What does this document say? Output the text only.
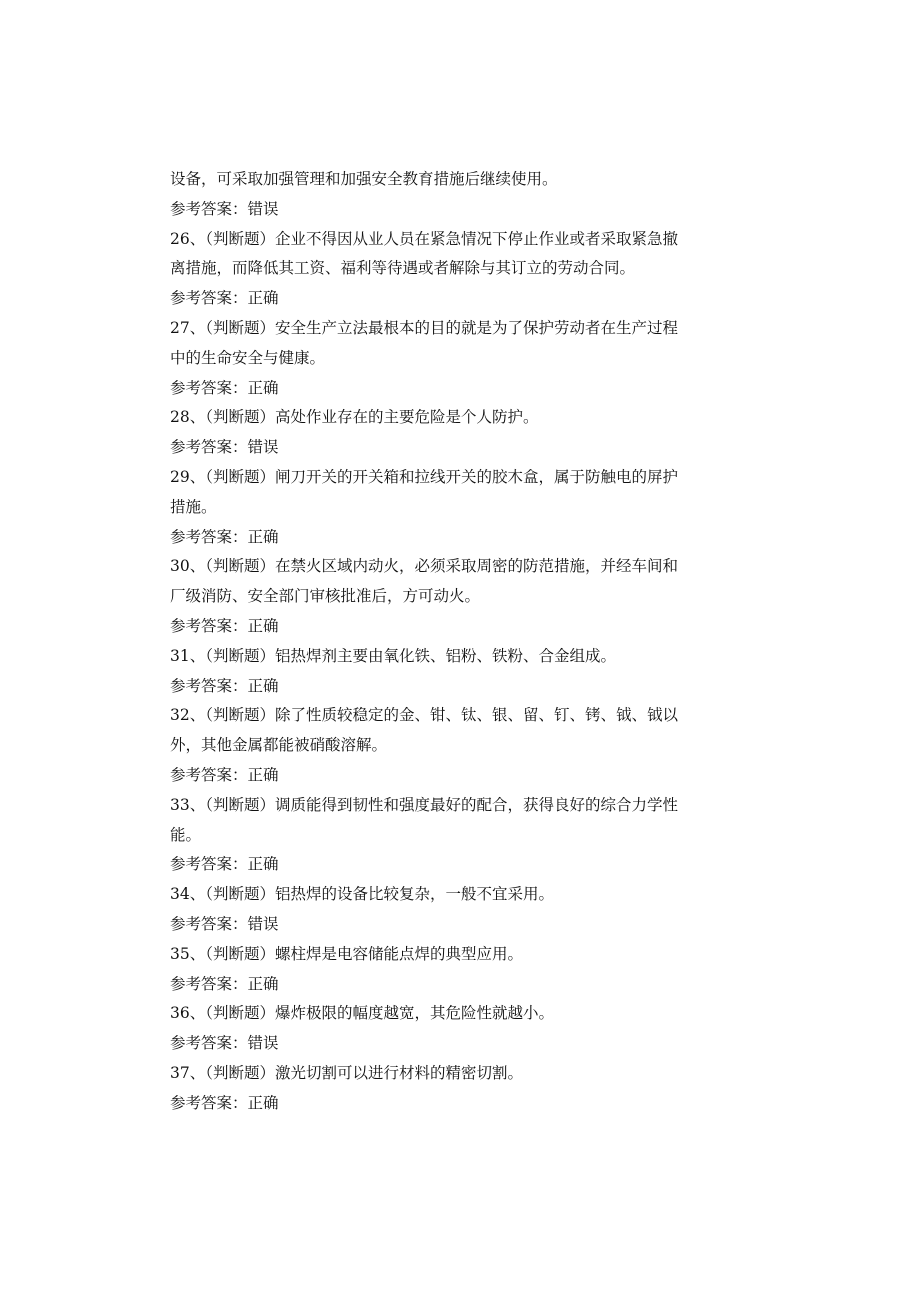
设备，可采取加强管理和加强安全教育措施后继续使用。
参考答案：错误
26、（判断题）企业不得因从业人员在紧急情况下停止作业或者采取紧急撤
离措施，而降低其工资、福利等待遇或者解除与其订立的劳动合同。
参考答案：正确
27、（判断题）安全生产立法最根本的目的就是为了保护劳动者在生产过程
中的生命安全与健康。
参考答案：正确
28、（判断题）高处作业存在的主要危险是个人防护。
参考答案：错误
29、（判断题）闸刀开关的开关箱和拉线开关的胶木盒，属于防触电的屏护
措施。
参考答案：正确
30、（判断题）在禁火区域内动火，必须采取周密的防范措施，并经车间和
厂级消防、安全部门审核批准后，方可动火。
参考答案：正确
31、（判断题）铝热焊剂主要由氧化铁、铝粉、铁粉、合金组成。
参考答案：正确
32、（判断题）除了性质较稳定的金、钳、钛、银、留、钉、铐、钺、钺以
外，其他金属都能被硝酸溶解。
参考答案：正确
33、（判断题）调质能得到韧性和强度最好的配合，获得良好的综合力学性
能。
参考答案：正确
34、（判断题）铝热焊的设备比较复杂，一般不宜采用。
参考答案：错误
35、（判断题）螺柱焊是电容储能点焊的典型应用。
参考答案：正确
36、（判断题）爆炸极限的幅度越宽，其危险性就越小。
参考答案：错误
37、（判断题）激光切割可以进行材料的精密切割。
参考答案：正确
